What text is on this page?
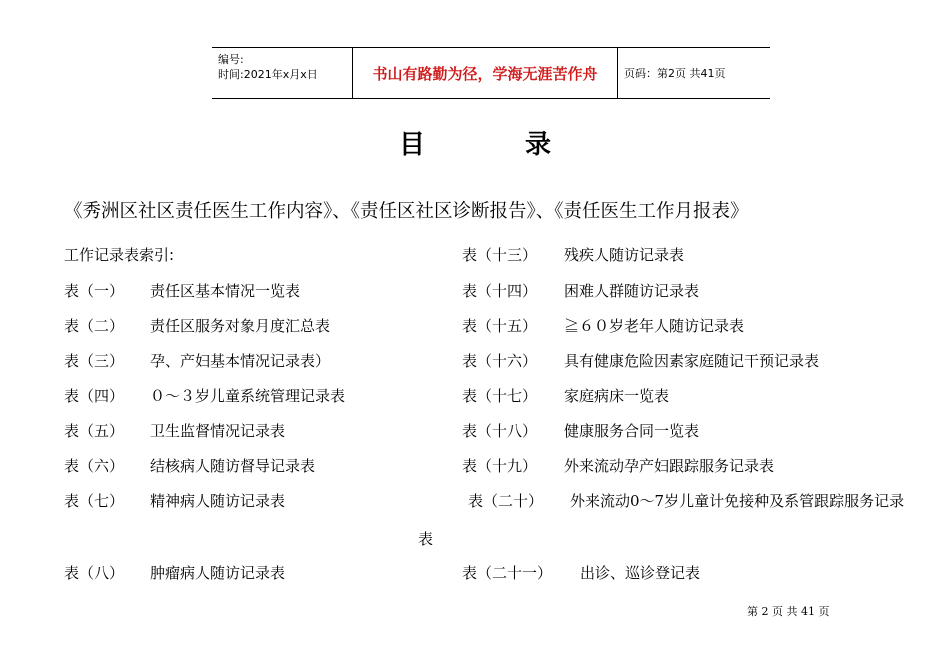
编号:
时间:2021年x月x日	书山有路勤为径，学海无涯苦作舟 页码：第2页 共41页
目录
《秀洲区社区责任医生工作内容》、《责任区社区诊断报告》、《责任医生工作月报表》
工作记录表索引:
表（一） 责任区基本情况一览表
表（二） 责任区服务对象月度汇总表
表（三） 孕、产妇基本情况记录表）
表（四） ０～３岁儿童系统管理记录表
表（五） 卫生监督情况记录表
表（六） 结核病人随访督导记录表
表（七） 精神病人随访记录表
表（八） 肿瘤病人随访记录表
表（十三） 残疾人随访记录表
表（十四） 困难人群随访记录表
表（十五） ≧６０岁老年人随访记录表
表（十六） 具有健康危险因素家庭随记干预记录表
表（十七） 家庭病床一览表
表（十八） 健康服务合同一览表
表（十九） 外来流动孕产妇跟踪服务记录表
表（二十） 外来流动0～7岁儿童计免接种及系管跟踪服务记录
表
表（二十一） 出诊、巡诊登记表
第 2 页 共 41 页
